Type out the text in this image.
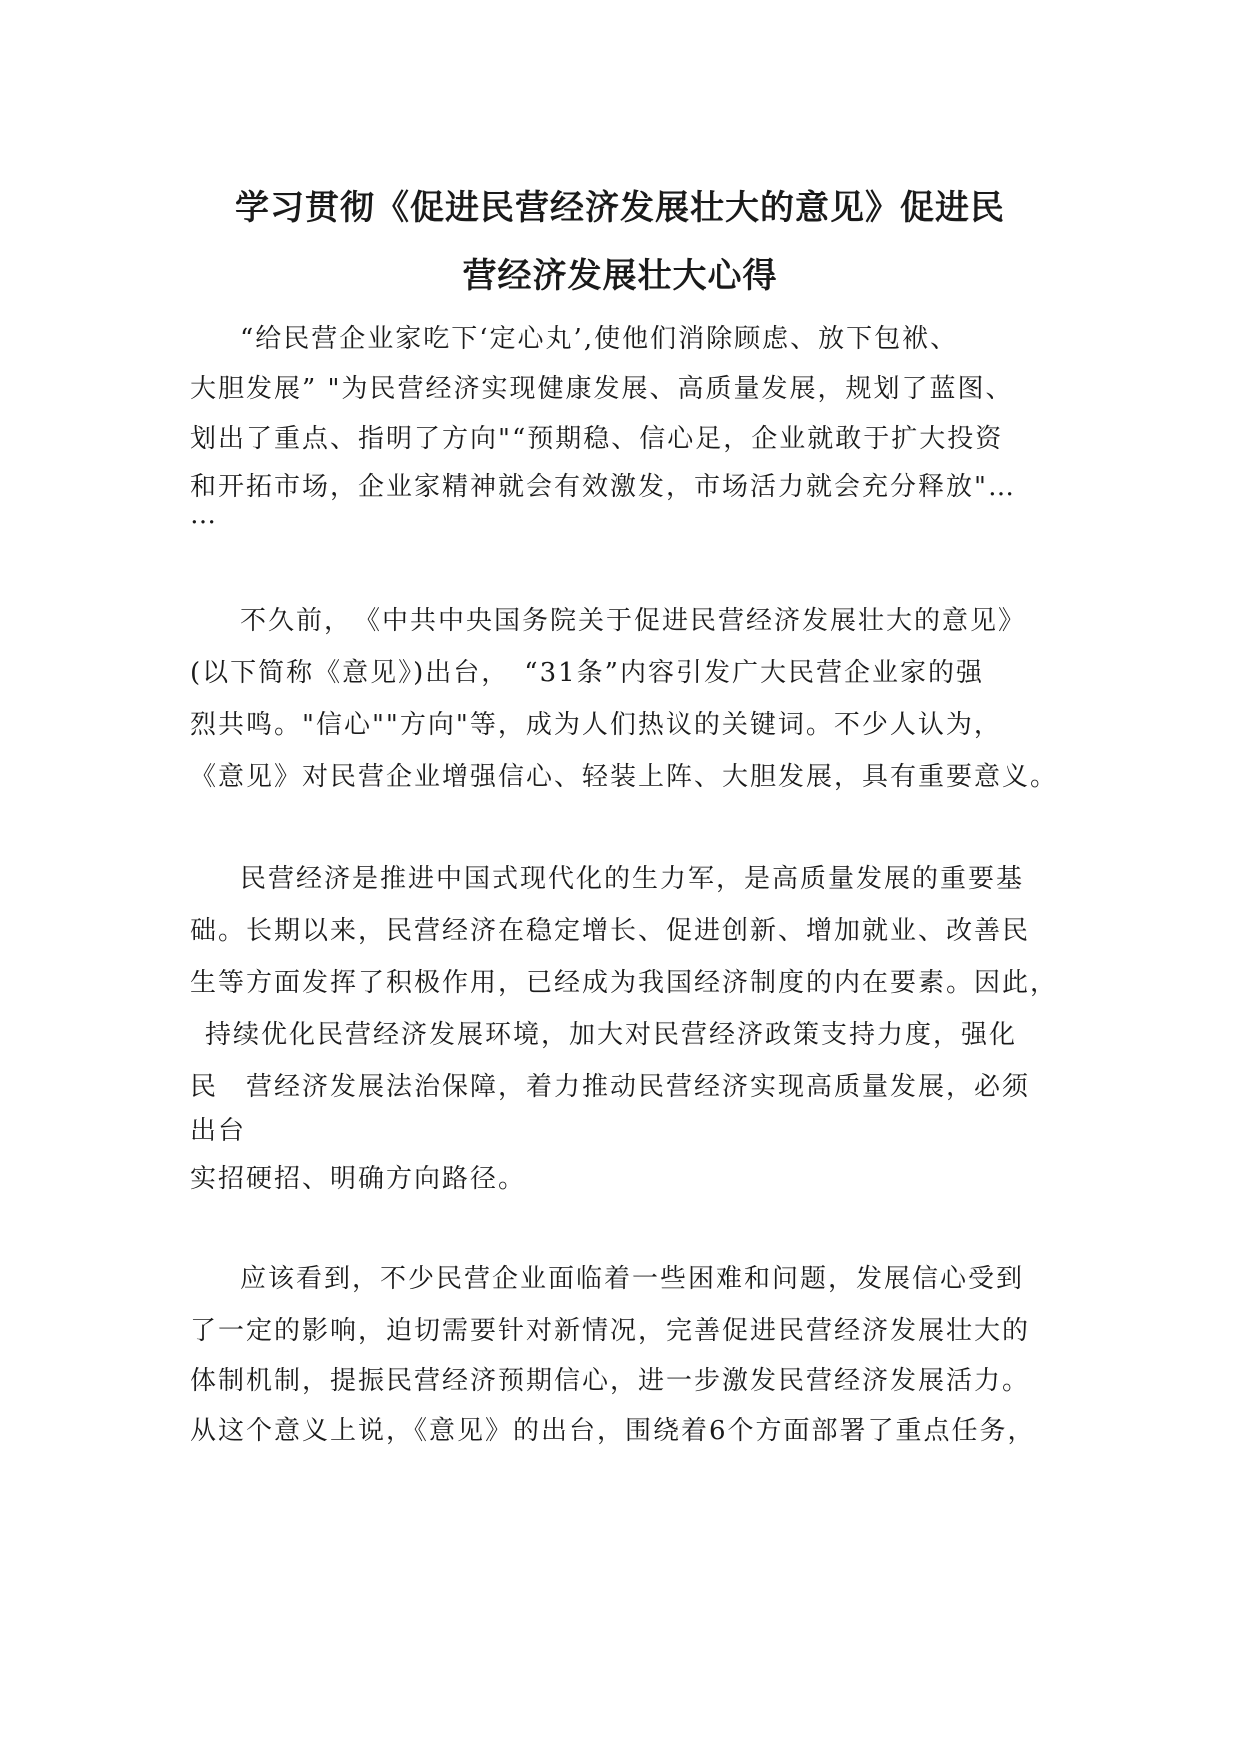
学习贯彻《促进民营经济发展壮大的意见》促进民
营经济发展壮大心得
“给民营企业家吃下‘定心丸’,使他们消除顾虑、放下包袱、
大胆发展” "为民营经济实现健康发展、高质量发展，规划了蓝图、
划出了重点、指明了方向"“预期稳、信心足，企业就敢于扩大投资
和开拓市场，企业家精神就会有效激发，市场活力就会充分释放"…
…
不久前，　《中共中央国务院关于促进民营经济发展壮大的意见》
(以下简称《意见》)出台，　“31条”内容引发广大民营企业家的强
烈共鸣。"信心""方向"等，成为人们热议的关键词。不少人认为，
《意见》对民营企业增强信心、轻装上阵、大胆发展，具有重要意义。
民营经济是推进中国式现代化的生力军，是高质量发展的重要基
础。长期以来，民营经济在稳定增长、促进创新、增加就业、改善民
生等方面发挥了积极作用，已经成为我国经济制度的内在要素。因此，
持续优化民营经济发展环境，加大对民营经济政策支持力度，强化
民　营经济发展法治保障，着力推动民营经济实现高质量发展，必须
出台
实招硬招、明确方向路径。
应该看到，不少民营企业面临着一些困难和问题，发展信心受到
了一定的影响，迫切需要针对新情况，完善促进民营经济发展壮大的
体制机制，提振民营经济预期信心，进一步激发民营经济发展活力。
从这个意义上说，《意见》的出台，围绕着6个方面部署了重点任务，
